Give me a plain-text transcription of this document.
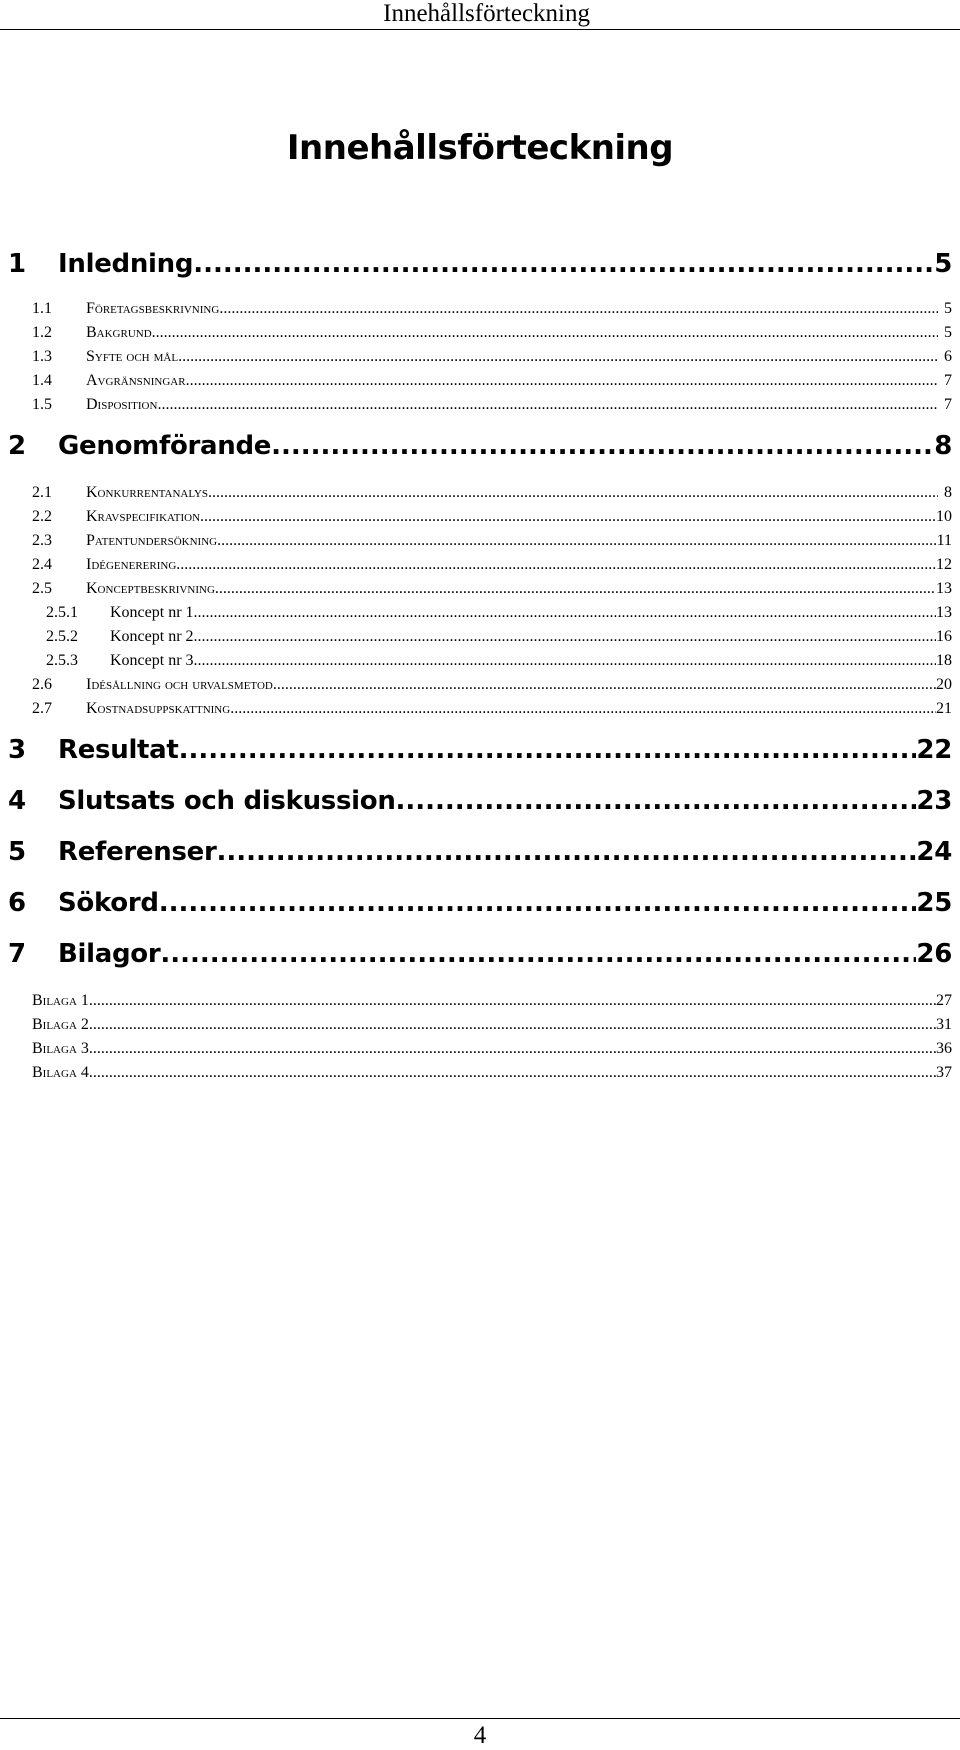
Innehållsförteckning
Innehållsförteckning
1	Inledning .....	5
1.1	Företagsbeskrivning .....	5
1.2	Bakgrund .....	5
1.3	Syfte och mål .....	6
1.4	Avgränsningar .....	7
1.5	Disposition .....	7
2	Genomförande .....	8
2.1	Konkurrentanalys .....	8
2.2	Kravspecifikation .....	10
2.3	Patentundersökning .....	11
2.4	Idégenerering .....	12
2.5	Konceptbeskrivning .....	13
2.5.1	Koncept nr 1 .....	13
2.5.2	Koncept nr 2 .....	16
2.5.3	Koncept nr 3 .....	18
2.6	Idésållning och urvalsmetod .....	20
2.7	Kostnadsuppskattning .....	21
3	Resultat .....	22
4	Slutsats och diskussion .....	23
5	Referenser .....	24
6	Sökord .....	25
7	Bilagor .....	26
Bilaga 1 .....	27
Bilaga 2 .....	31
Bilaga 3 .....	36
Bilaga 4 .....	37
4
